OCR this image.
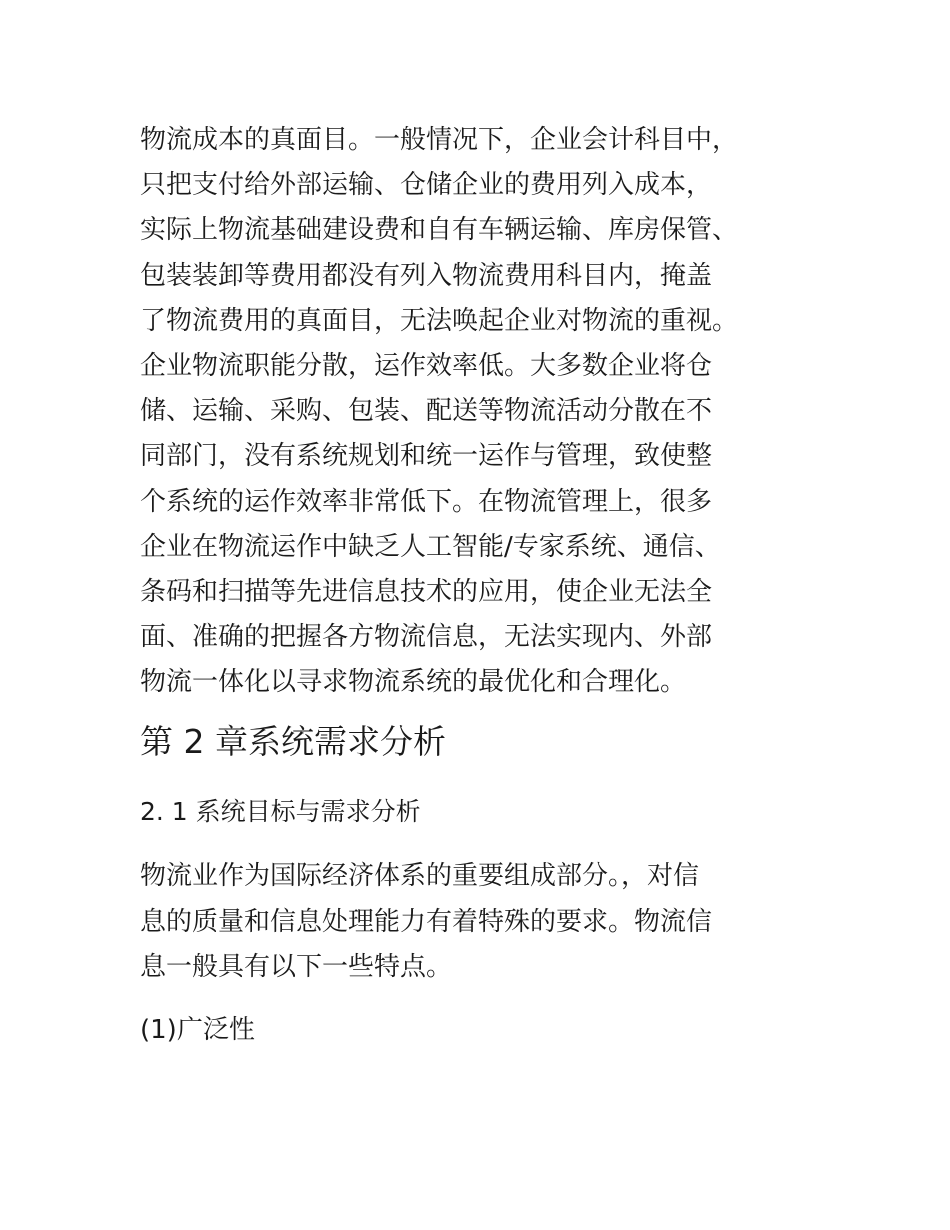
物流成本的真面目。一般情况下，企业会计科目中，
只把支付给外部运输、仓储企业的费用列入成本，
实际上物流基础建设费和自有车辆运输、库房保管、
包装装卸等费用都没有列入物流费用科目内，掩盖
了物流费用的真面目，无法唤起企业对物流的重视。
企业物流职能分散，运作效率低。大多数企业将仓
储、运输、采购、包装、配送等物流活动分散在不
同部门，没有系统规划和统一运作与管理，致使整
个系统的运作效率非常低下。在物流管理上，很多
企业在物流运作中缺乏人工智能/专家系统、通信、
条码和扫描等先进信息技术的应用，使企业无法全
面、准确的把握各方物流信息，无法实现内、外部
物流一体化以寻求物流系统的最优化和合理化。

第 2 章系统需求分析
2. 1 系统目标与需求分析

物流业作为国际经济体系的重要组成部分。，对信
息的质量和信息处理能力有着特殊的要求。物流信
息一般具有以下一些特点。

(1)广泛性
